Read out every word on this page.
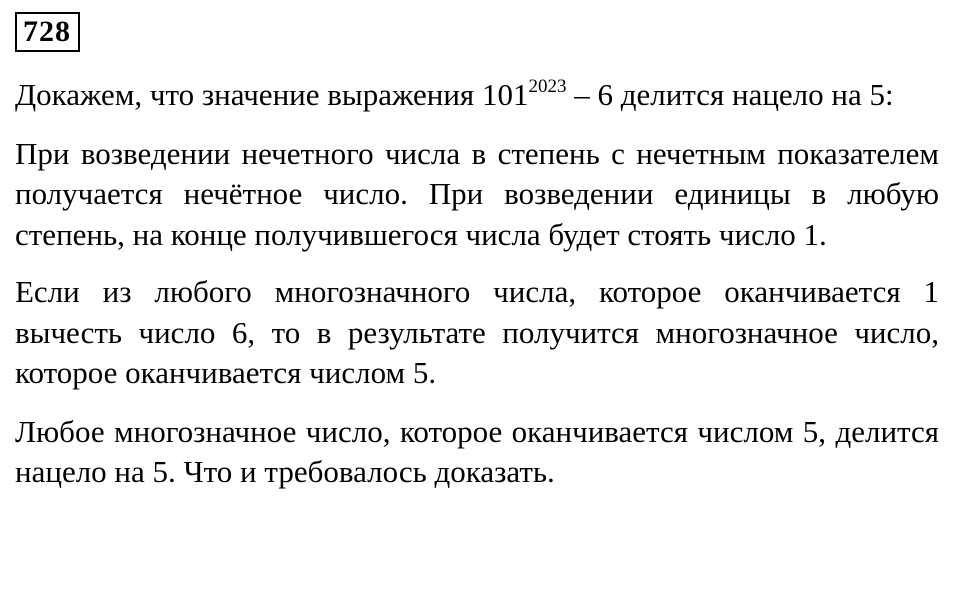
728

Докажем, что значение выражения $101^{2023} - 6$ делится нацело на 5:

При возведении нечетного числа в степень с нечетным показателем получается нечётное число. При возведении единицы в любую степень, на конце получившегося числа будет стоять число 1.

Если из любого многозначного числа, которое оканчивается 1 вычесть число 6, то в результате получится многозначное число, которое оканчивается числом 5.

Любое многозначное число, которое оканчивается числом 5, делится нацело на 5. Что и требовалось доказать.
